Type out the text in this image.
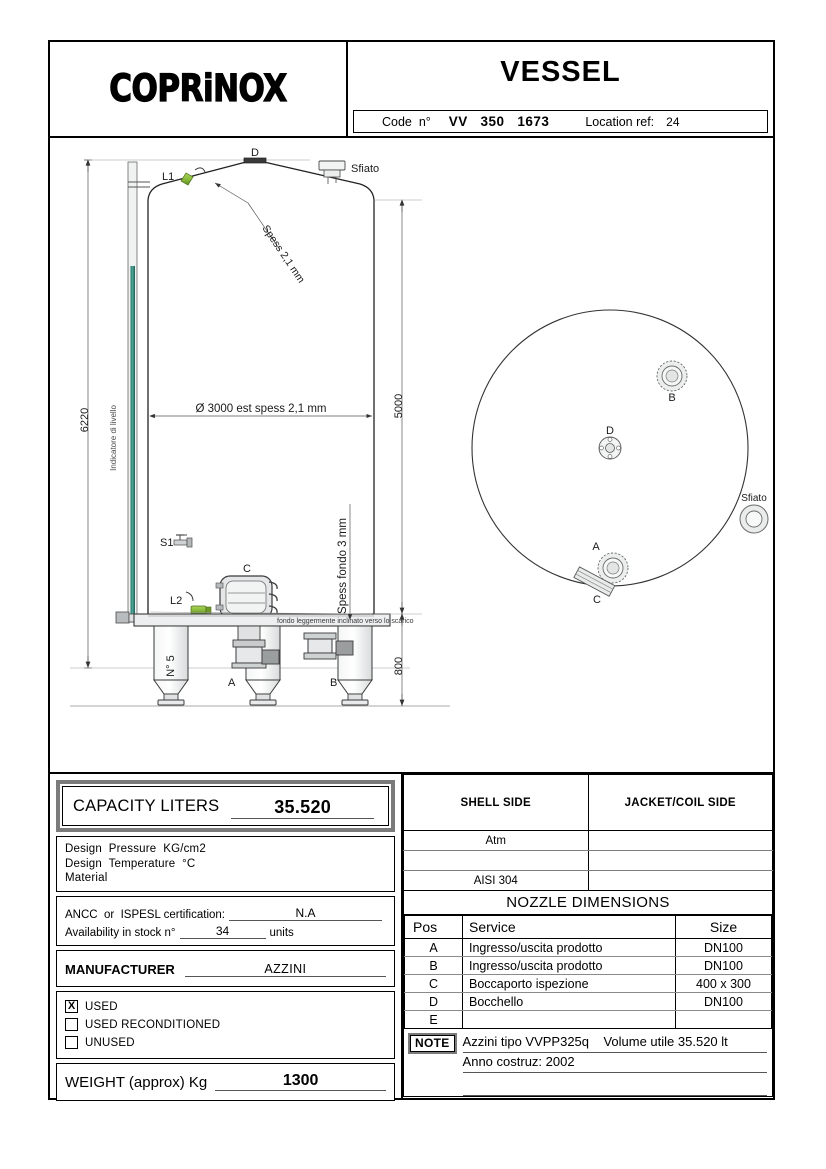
COPRiNOX	VESSEL
Code  n° VV   350   1673	Location ref: 24
6220 Indicatore di livello	5000
800
Spess fondo 3 mm
D
Sfiato
L1
Spess 2,1 mm
Ø 3000 est spess 2,1 mm
S1
L2
C
A	B
N° 5
fondo leggermente inclinato verso lo scarico
D
B
A
C
Sfiato
CAPACITY LITERS	35.520
Design  Pressure  KG/cm2
Design  Temperature  °C
Material
ANCC  or  ISPESL certification:	N.A
Availability in stock n°	34	units
MANUFACTURER	AZZINI
X USED
USED RECONDITIONED
UNUSED
WEIGHT (approx) Kg	1300
SHELL SIDE	JACKET/COIL SIDE
Atm	

AISI 304	
NOZZLE DIMENSIONS
Pos	Service	Size
A	Ingresso/uscita prodotto	DN100
B	Ingresso/uscita prodotto	DN100
C	Boccaporto ispezione	400 x 300
D	Bocchello	DN100
E		
NOTE	Azzini tipo VVPP325q    Volume utile 35.520 lt
Anno costruz: 2002
